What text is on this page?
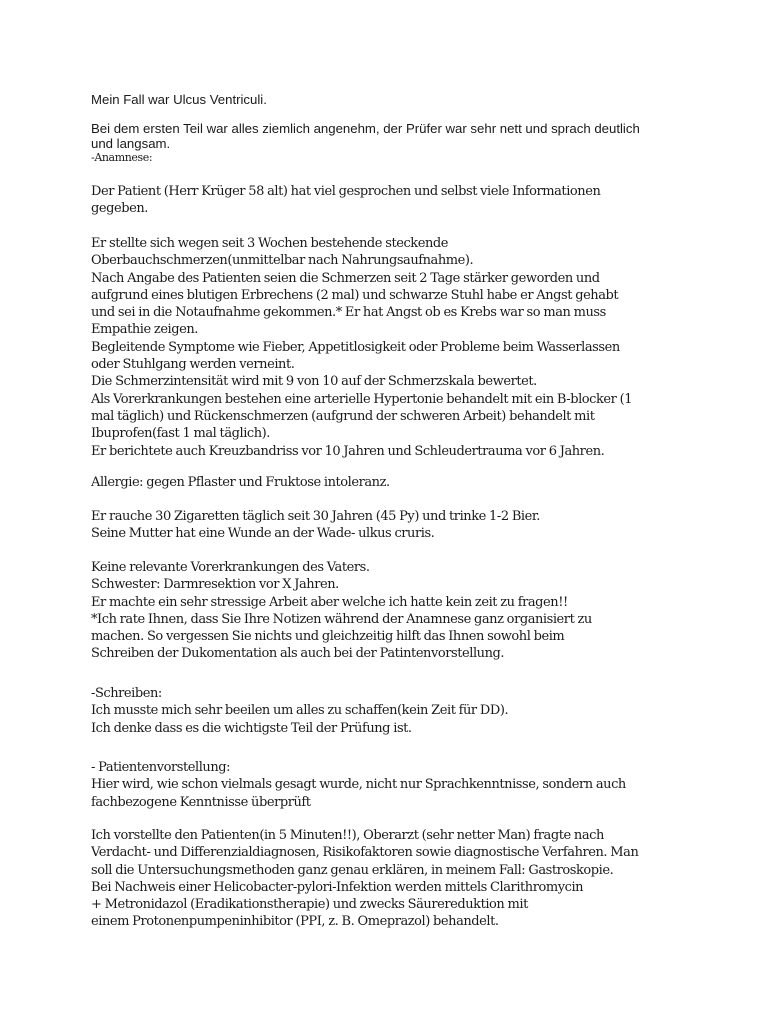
Mein Fall war Ulcus Ventriculi.

Bei dem ersten Teil war alles ziemlich angenehm, der Prüfer war sehr nett und sprach deutlich
und langsam.

-Anamnese:

Der Patient (Herr Krüger 58 alt) hat viel gesprochen und selbst viele Informationen
gegeben.

Er stellte sich wegen seit 3 Wochen bestehende steckende
Oberbauchschmerzen(unmittelbar nach Nahrungsaufnahme).
Nach Angabe des Patienten seien die Schmerzen seit 2 Tage stärker geworden und
aufgrund eines blutigen Erbrechens (2 mal) und schwarze Stuhl habe er Angst gehabt
und sei in die Notaufnahme gekommen.* Er hat Angst ob es Krebs war so man muss
Empathie zeigen.
Begleitende Symptome wie Fieber, Appetitlosigkeit oder Probleme beim Wasserlassen
oder Stuhlgang werden verneint.
Die Schmerzintensität wird mit 9 von 10 auf der Schmerzskala bewertet.
Als Vorerkrankungen bestehen eine arterielle Hypertonie behandelt mit ein B-blocker (1
mal täglich) und Rückenschmerzen (aufgrund der schweren Arbeit) behandelt mit
Ibuprofen(fast 1 mal täglich).
Er berichtete auch Kreuzbandriss vor 10 Jahren und Schleudertrauma vor 6 Jahren.

Allergie: gegen Pflaster und Fruktose intoleranz.

Er rauche 30 Zigaretten täglich seit 30 Jahren (45 Py) und trinke 1-2 Bier.
Seine Mutter hat eine Wunde an der Wade- ulkus cruris.

Keine relevante Vorerkrankungen des Vaters.
Schwester: Darmresektion vor X Jahren.
Er machte ein sehr stressige Arbeit aber welche ich hatte kein zeit zu fragen!!
*Ich rate Ihnen, dass Sie Ihre Notizen während der Anamnese ganz organisiert zu
machen. So vergessen Sie nichts und gleichzeitig hilft das Ihnen sowohl beim
Schreiben der Dukomentation als auch bei der Patintenvorstellung.

-Schreiben:
Ich musste mich sehr beeilen um alles zu schaffen(kein Zeit für DD).
Ich denke dass es die wichtigste Teil der Prüfung ist.

- Patientenvorstellung:
Hier wird, wie schon vielmals gesagt wurde, nicht nur Sprachkenntnisse, sondern auch
fachbezogene Kenntnisse überprüft

Ich vorstellte den Patienten(in 5 Minuten!!), Oberarzt (sehr netter Man) fragte nach
Verdacht- und Differenzialdiagnosen, Risikofaktoren sowie diagnostische Verfahren. Man
soll die Untersuchungsmethoden ganz genau erklären, in meinem Fall: Gastroskopie.
Bei Nachweis einer Helicobacter-pylori-Infektion werden mittels Clarithromycin
+ Metronidazol (Eradikationstherapie) und zwecks Säurereduktion mit
einem Protonenpumpeninhibitor (PPI, z. B. Omeprazol) behandelt.
